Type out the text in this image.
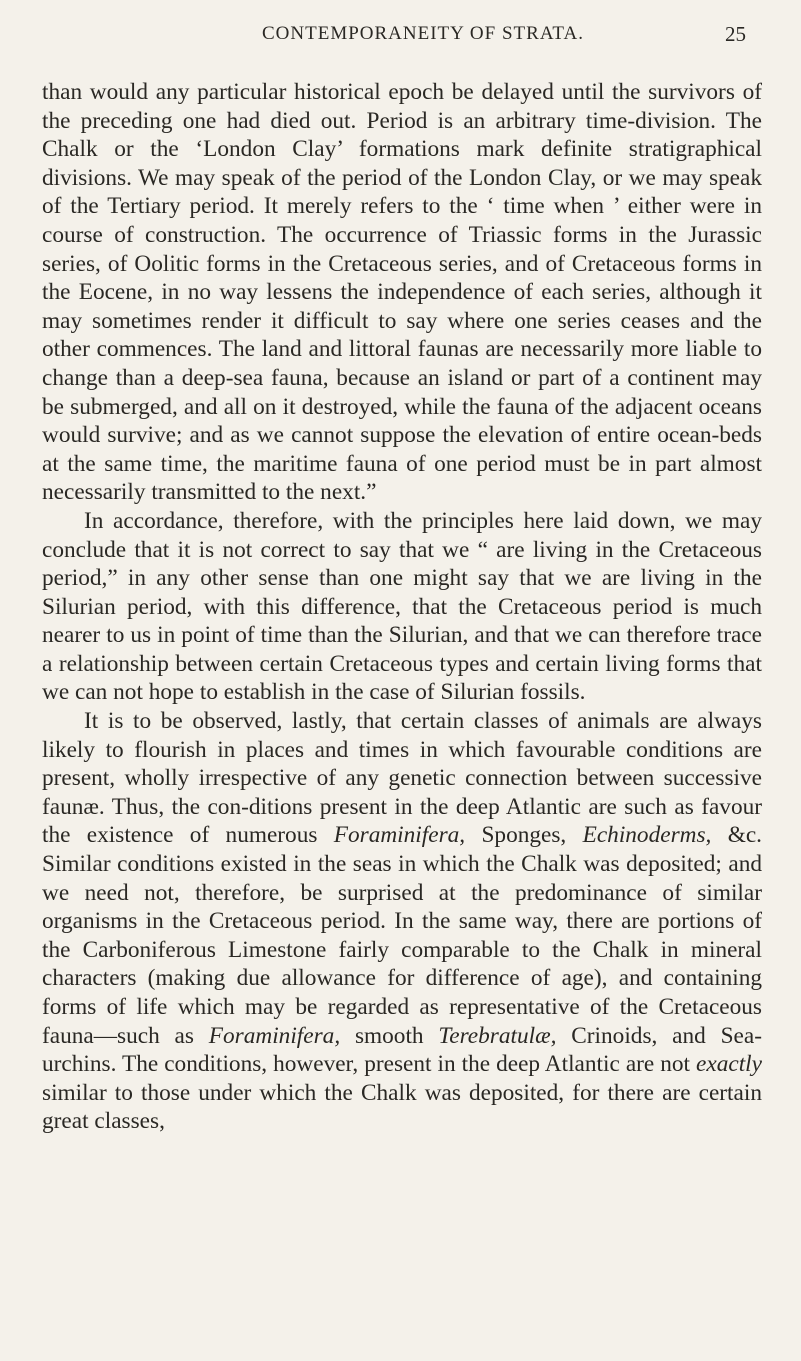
CONTEMPORANEITY OF STRATA.	25

than would any particular historical epoch be delayed until the survivors of the preceding one had died out. Period is an arbitrary time-division. The Chalk or the ‘London Clay’ formations mark definite stratigraphical divisions. We may speak of the period of the London Clay, or we may speak of the Tertiary period. It merely refers to the ‘ time when ’ either were in course of construction. The occurrence of Triassic forms in the Jurassic series, of Oolitic forms in the Cretaceous series, and of Cretaceous forms in the Eocene, in no way lessens the independence of each series, although it may sometimes render it difficult to say where one series ceases and the other commences. The land and littoral faunas are necessarily more liable to change than a deep-sea fauna, because an island or part of a continent may be submerged, and all on it destroyed, while the fauna of the adjacent oceans would survive; and as we cannot suppose the elevation of entire ocean-beds at the same time, the maritime fauna of one period must be in part almost necessarily transmitted to the next.”

In accordance, therefore, with the principles here laid down, we may conclude that it is not correct to say that we “ are living in the Cretaceous period,” in any other sense than one might say that we are living in the Silurian period, with this difference, that the Cretaceous period is much nearer to us in point of time than the Silurian, and that we can therefore trace a relationship between certain Cretaceous types and certain living forms that we can not hope to establish in the case of Silurian fossils.

It is to be observed, lastly, that certain classes of animals are always likely to flourish in places and times in which favourable conditions are present, wholly irrespective of any genetic connection between successive faunæ. Thus, the con-ditions present in the deep Atlantic are such as favour the existence of numerous Foraminifera, Sponges, Echinoderms, &c. Similar conditions existed in the seas in which the Chalk was deposited; and we need not, therefore, be surprised at the predominance of similar organisms in the Cretaceous period. In the same way, there are portions of the Carboniferous Limestone fairly comparable to the Chalk in mineral characters (making due allowance for difference of age), and containing forms of life which may be regarded as representative of the Cretaceous fauna—such as Foraminifera, smooth Terebratulæ, Crinoids, and Sea-urchins. The conditions, however, present in the deep Atlantic are not exactly similar to those under which the Chalk was deposited, for there are certain great classes,
